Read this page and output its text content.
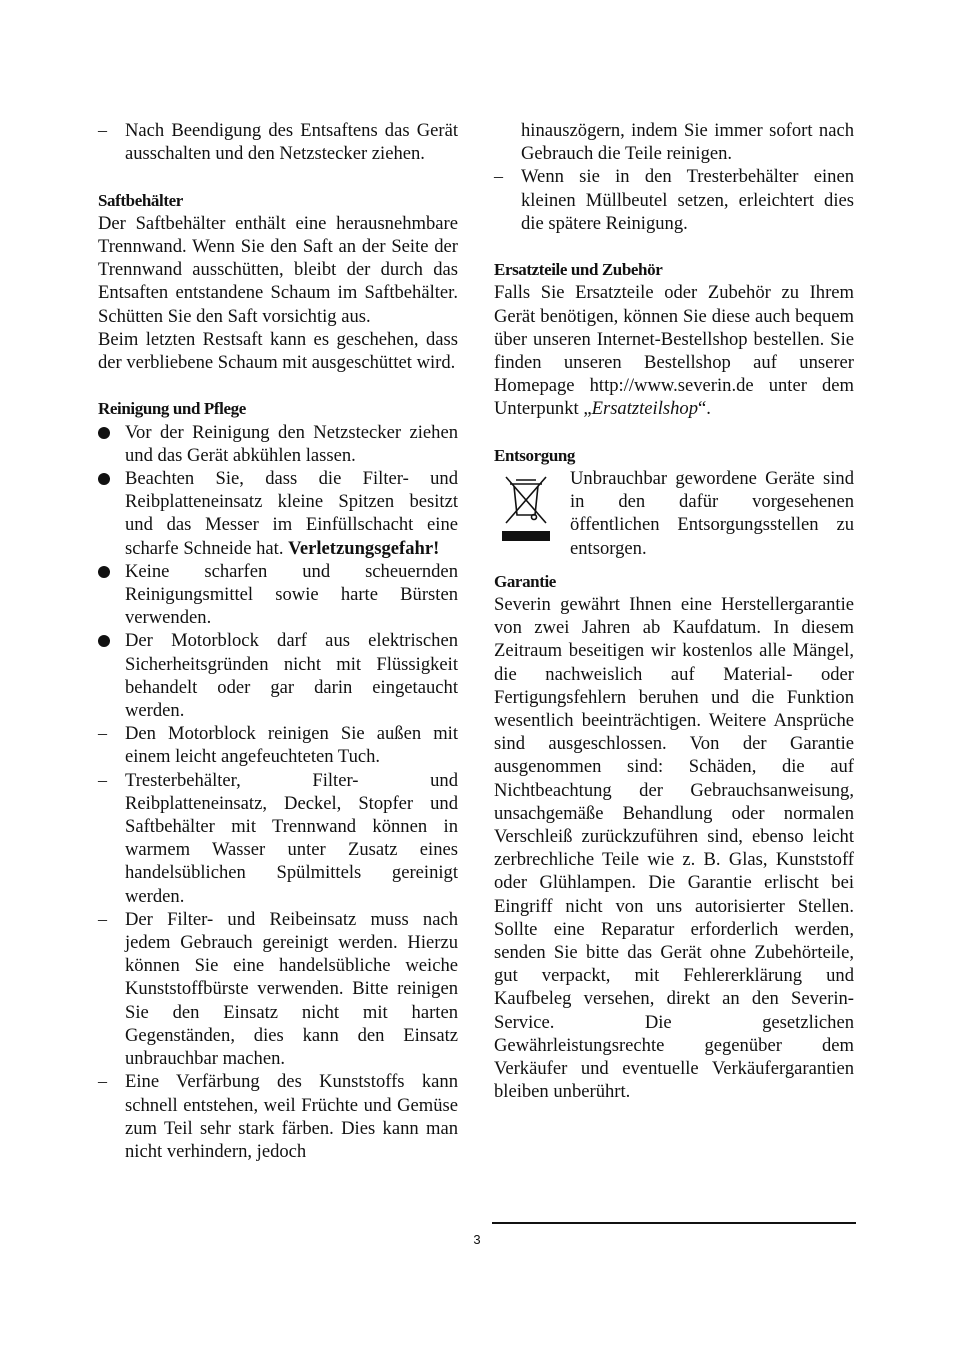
– Nach Beendigung des Entsaftens das Gerät ausschalten und den Netzstecker ziehen.
Saftbehälter

Der Saftbehälter enthält eine herausnehmbare Trennwand. Wenn Sie den Saft an der Seite der Trennwand ausschütten, bleibt der durch das Entsaften entstandene Schaum im Saftbehälter. Schütten Sie den Saft vorsichtig aus.

Beim letzten Restsaft kann es geschehen, dass der verbliebene Schaum mit ausgeschüttet wird.

Reinigung und Pflege
Vor der Reinigung den Netzstecker ziehen und das Gerät abkühlen lassen.
Beachten Sie, dass die Filter- und Reibplatteneinsatz kleine Spitzen besitzt und das Messer im Einfüllschacht eine scharfe Schneide hat. Verletzungsgefahr!
Keine scharfen und scheuernden Reinigungsmittel sowie harte Bürsten verwenden.
Der Motorblock darf aus elektrischen Sicherheitsgründen nicht mit Flüssigkeit behandelt oder gar darin eingetaucht werden.
– Den Motorblock reinigen Sie außen mit einem leicht angefeuchteten Tuch.
– Tresterbehälter, Filter- und Reibplatteneinsatz, Deckel, Stopfer und Saftbehälter mit Trennwand können in warmem Wasser unter Zusatz eines handelsüblichen Spülmittels gereinigt werden.
– Der Filter- und Reibeinsatz muss nach jedem Gebrauch gereinigt werden. Hierzu können Sie eine handelsübliche weiche Kunststoffbürste verwenden. Bitte reinigen Sie den Einsatz nicht mit harten Gegenständen, dies kann den Einsatz unbrauchbar machen.
– Eine Verfärbung des Kunststoffs kann schnell entstehen, weil Früchte und Gemüse zum Teil sehr stark färben. Dies kann man nicht verhindern, jedoch
hinauszögern, indem Sie immer sofort nach Gebrauch die Teile reinigen.
– Wenn sie in den Tresterbehälter einen kleinen Müllbeutel setzen, erleichtert dies die spätere Reinigung.
Ersatzteile und Zubehör

Falls Sie Ersatzteile oder Zubehör zu Ihrem Gerät benötigen, können Sie diese auch bequem über unseren Internet-Bestellshop bestellen. Sie finden unseren Bestellshop auf unserer Homepage http://www.severin.de unter dem Unterpunkt „Ersatzteilshop“.

Entsorgung

Unbrauchbar gewordene Geräte sind in den dafür vorgesehenen öffentlichen Entsorgungsstellen zu entsorgen.

Garantie

Severin gewährt Ihnen eine Herstellergarantie von zwei Jahren ab Kaufdatum. In diesem Zeitraum beseitigen wir kostenlos alle Mängel, die nachweislich auf Material- oder Fertigungsfehlern beruhen und die Funktion wesentlich beeinträchtigen. Weitere Ansprüche sind ausgeschlossen. Von der Garantie ausgenommen sind: Schäden, die auf Nichtbeachtung der Gebrauchsanweisung, unsachgemäße Behandlung oder normalen Verschleiß zurückzuführen sind, ebenso leicht zerbrechliche Teile wie z. B. Glas, Kunststoff oder Glühlampen. Die Garantie erlischt bei Eingriff nicht von uns autorisierter Stellen. Sollte eine Reparatur erforderlich werden, senden Sie bitte das Gerät ohne Zubehörteile, gut verpackt, mit Fehlererklärung und Kaufbeleg versehen, direkt an den Severin-Service. Die gesetzlichen Gewährleistungsrechte gegenüber dem Verkäufer und eventuelle Verkäufergarantien bleiben unberührt.

3
